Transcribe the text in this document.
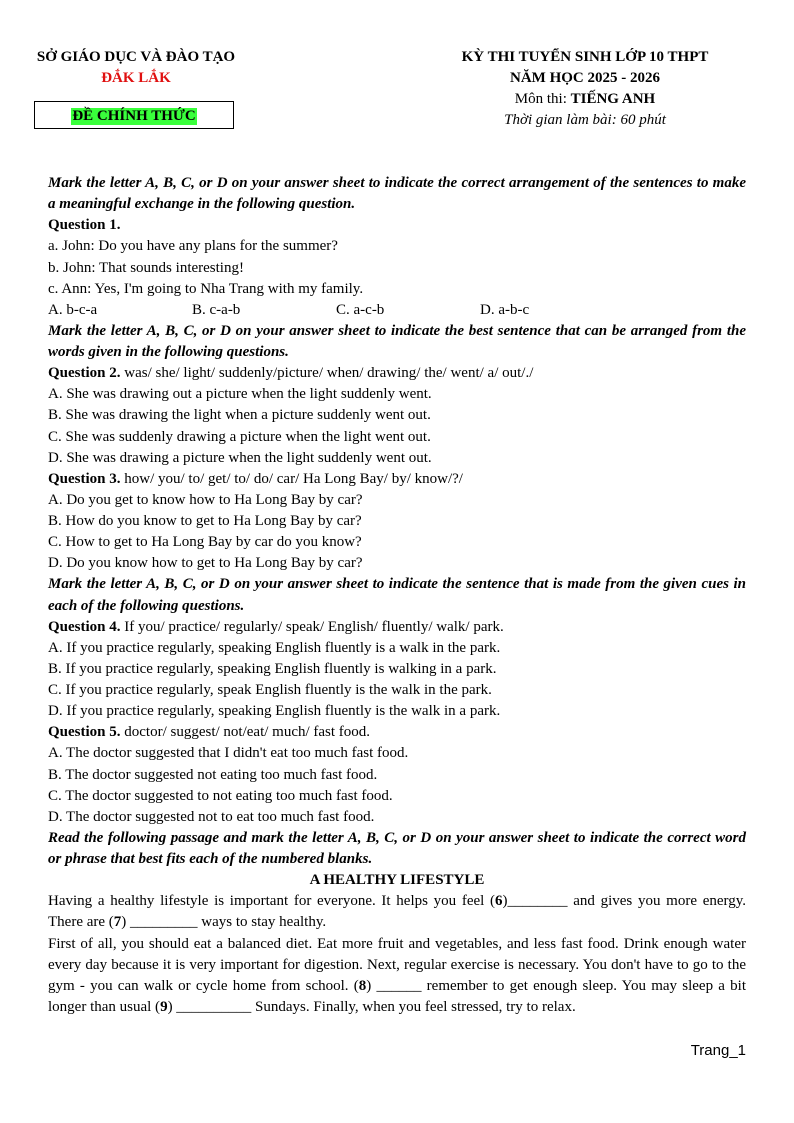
SỞ GIÁO DỤC VÀ ĐÀO TẠO
ĐẮK LẮK
ĐỀ CHÍNH THỨC
KỲ THI TUYỂN SINH LỚP 10 THPT
NĂM HỌC 2025 - 2026
Môn thi: TIẾNG ANH
Thời gian làm bài: 60 phút

Mark the letter A, B, C, or D on your answer sheet to indicate the correct arrangement of the sentences to make a meaningful exchange in the following question.

Question 1.

a. John: Do you have any plans for the summer?

b. John: That sounds interesting!

c. Ann: Yes, I'm going to Nha Trang with my family.

A. b-c-a	B. c-a-b	C. a-c-b	D. a-b-c

Mark the letter A, B, C, or D on your answer sheet to indicate the best sentence that can be arranged from the words given in the following questions.

Question 2. was/ she/ light/ suddenly/picture/ when/ drawing/ the/ went/ a/ out/./

A. She was drawing out a picture when the light suddenly went.

B. She was drawing the light when a picture suddenly went out.

C. She was suddenly drawing a picture when the light went out.

D. She was drawing a picture when the light suddenly went out.

Question 3. how/ you/ to/ get/ to/ do/ car/ Ha Long Bay/ by/ know/?/

A. Do you get to know how to Ha Long Bay by car?

B. How do you know to get to Ha Long Bay by car?

C. How to get to Ha Long Bay by car do you know?

D. Do you know how to get to Ha Long Bay by car?

Mark the letter A, B, C, or D on your answer sheet to indicate the sentence that is made from the given cues in each of the following questions.

Question 4. If you/ practice/ regularly/ speak/ English/ fluently/ walk/ park.

A. If you practice regularly, speaking English fluently is a walk in the park.

B. If you practice regularly, speaking English fluently is walking in a park.

C. If you practice regularly, speak English fluently is the walk in the park.

D. If you practice regularly, speaking English fluently is the walk in a park.

Question 5. doctor/ suggest/ not/eat/ much/ fast food.

A. The doctor suggested that I didn't eat too much fast food.

B. The doctor suggested not eating too much fast food.

C. The doctor suggested to not eating too much fast food.

D. The doctor suggested not to eat too much fast food.

Read the following passage and mark the letter A, B, C, or D on your answer sheet to indicate the correct word or phrase that best fits each of the numbered blanks.

A HEALTHY LIFESTYLE

Having a healthy lifestyle is important for everyone. It helps you feel (6)________ and gives you more energy. There are (7) _________ ways to stay healthy.

First of all, you should eat a balanced diet. Eat more fruit and vegetables, and less fast food. Drink enough water every day because it is very important for digestion. Next, regular exercise is necessary. You don't have to go to the gym - you can walk or cycle home from school. (8) ______ remember to get enough sleep. You may sleep a bit longer than usual (9) __________ Sundays. Finally, when you feel stressed, try to relax.

Trang_1
